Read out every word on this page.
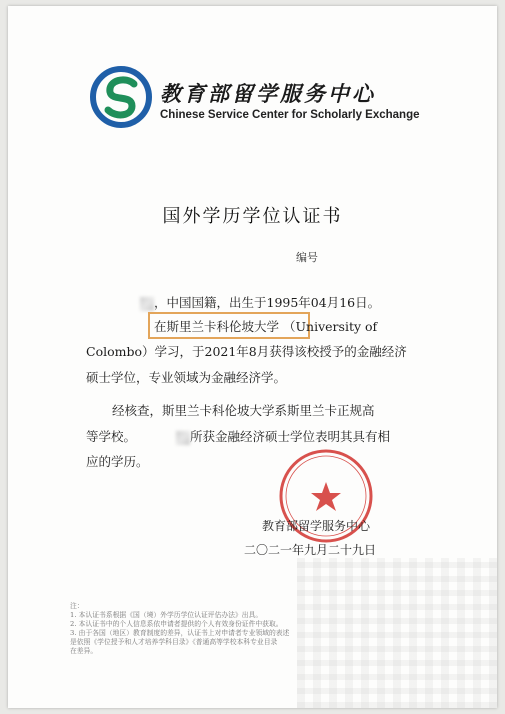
教育部留学服务中心
Chinese Service Center for Scholarly Exchange
国外学历学位认证书
编号
，中国国籍，出生于1995年04月16日。
在斯里兰卡科伦坡大学 （University of
Colombo）学习，于2021年8月获得该校授予的金融经济
硕士学位，专业领域为金融经济学。
经核查，斯里兰卡科伦坡大学系斯里兰卡正规高
等学校。	所获金融经济硕士学位表明其具有相
应的学历。
教育部留学服务中心
二〇二一年九月二十九日
注：
1. 本认证书系根据《国（境）外学历学位认证评估办法》出具。
2. 本认证书中的个人信息系依申请者提供的个人有效身份证件中获取。
3. 由于各国（地区）教育制度的差异，认证书上对申请者专业领域的表述
是依照《学位授予和人才培养学科目录》《普通高等学校本科专业目录
在差异。
